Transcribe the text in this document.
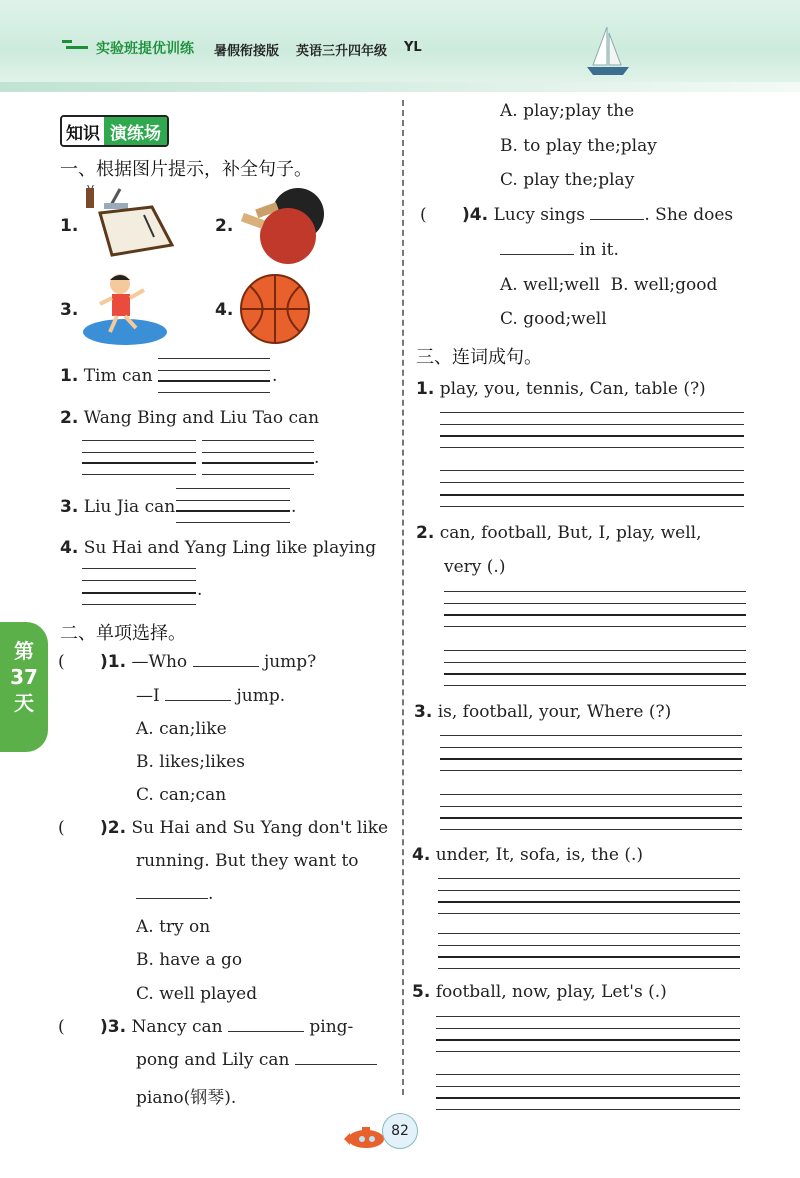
实验班提优训练 暑假衔接版 英语三升四年级 YL
第
37
天
知识 演练场
一、根据图片提示，补全句子。
1.	2.
3.	4.
1. Tim can	.
2. Wang Bing and Liu Tao can
.
3. Liu Jia can	.
4. Su Hai and Yang Ling like playing
.
二、单项选择。
( )1. —Who	jump?
—I	jump.
A. can;like
B. likes;likes
C. can;can
( )2. Su Hai and Su Yang don't like
running. But they want to
.
A. try on
B. have a go
C. well played
( )3. Nancy can	ping-
pong and Lily can
piano(钢琴).
A. play;play the
B. to play the;play
C. play the;play
( )4. Lucy sings	. She does
in it.
A. well;well B. well;good
C. good;well
三、连词成句。
1. play, you, tennis, Can, table (?)
2. can, football, But, I, play, well,
very (.)
3. is, football, your, Where (?)
4. under, It, sofa, is, the (.)
5. football, now, play, Let's (.)
82
